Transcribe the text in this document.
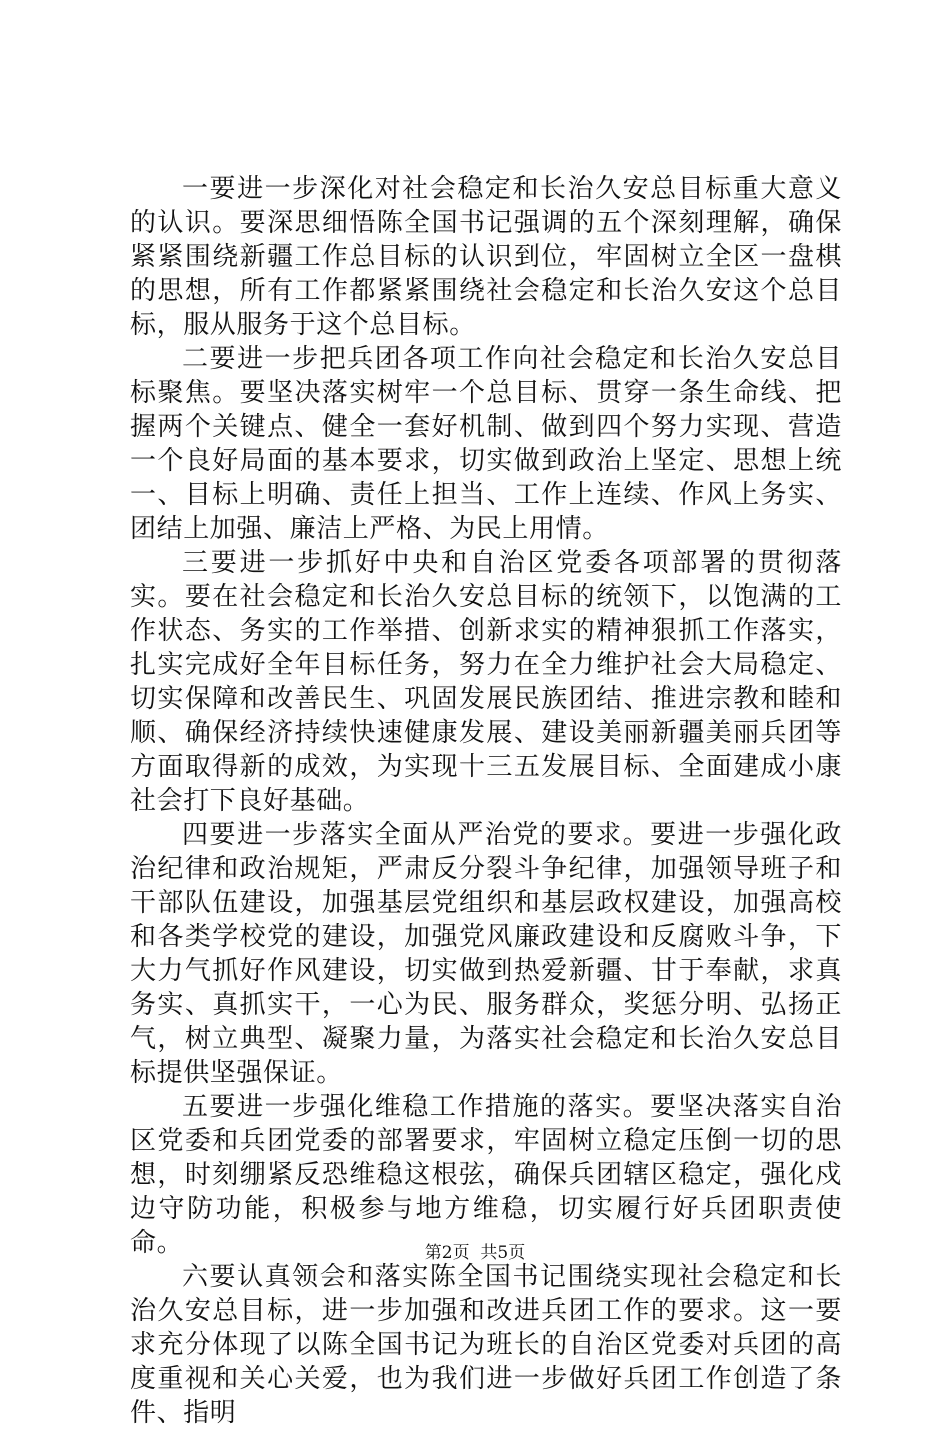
一要进一步深化对社会稳定和长治久安总目标重大意义的认识。要深思细悟陈全国书记强调的五个深刻理解，确保紧紧围绕新疆工作总目标的认识到位，牢固树立全区一盘棋的思想，所有工作都紧紧围绕社会稳定和长治久安这个总目标，服从服务于这个总目标。

二要进一步把兵团各项工作向社会稳定和长治久安总目标聚焦。要坚决落实树牢一个总目标、贯穿一条生命线、把握两个关键点、健全一套好机制、做到四个努力实现、营造一个良好局面的基本要求，切实做到政治上坚定、思想上统一、目标上明确、责任上担当、工作上连续、作风上务实、团结上加强、廉洁上严格、为民上用情。

三要进一步抓好中央和自治区党委各项部署的贯彻落实。要在社会稳定和长治久安总目标的统领下，以饱满的工作状态、务实的工作举措、创新求实的精神狠抓工作落实，扎实完成好全年目标任务，努力在全力维护社会大局稳定、切实保障和改善民生、巩固发展民族团结、推进宗教和睦和顺、确保经济持续快速健康发展、建设美丽新疆美丽兵团等方面取得新的成效，为实现十三五发展目标、全面建成小康社会打下良好基础。

四要进一步落实全面从严治党的要求。要进一步强化政治纪律和政治规矩，严肃反分裂斗争纪律，加强领导班子和干部队伍建设，加强基层党组织和基层政权建设，加强高校和各类学校党的建设，加强党风廉政建设和反腐败斗争，下大力气抓好作风建设，切实做到热爱新疆、甘于奉献，求真务实、真抓实干，一心为民、服务群众，奖惩分明、弘扬正气，树立典型、凝聚力量，为落实社会稳定和长治久安总目标提供坚强保证。

五要进一步强化维稳工作措施的落实。要坚决落实自治区党委和兵团党委的部署要求，牢固树立稳定压倒一切的思想，时刻绷紧反恐维稳这根弦，确保兵团辖区稳定，强化戍边守防功能，积极参与地方维稳，切实履行好兵团职责使命。

六要认真领会和落实陈全国书记围绕实现社会稳定和长治久安总目标，进一步加强和改进兵团工作的要求。这一要求充分体现了以陈全国书记为班长的自治区党委对兵团的高度重视和关心关爱，也为我们进一步做好兵团工作创造了条件、指明

第2页  共5页
